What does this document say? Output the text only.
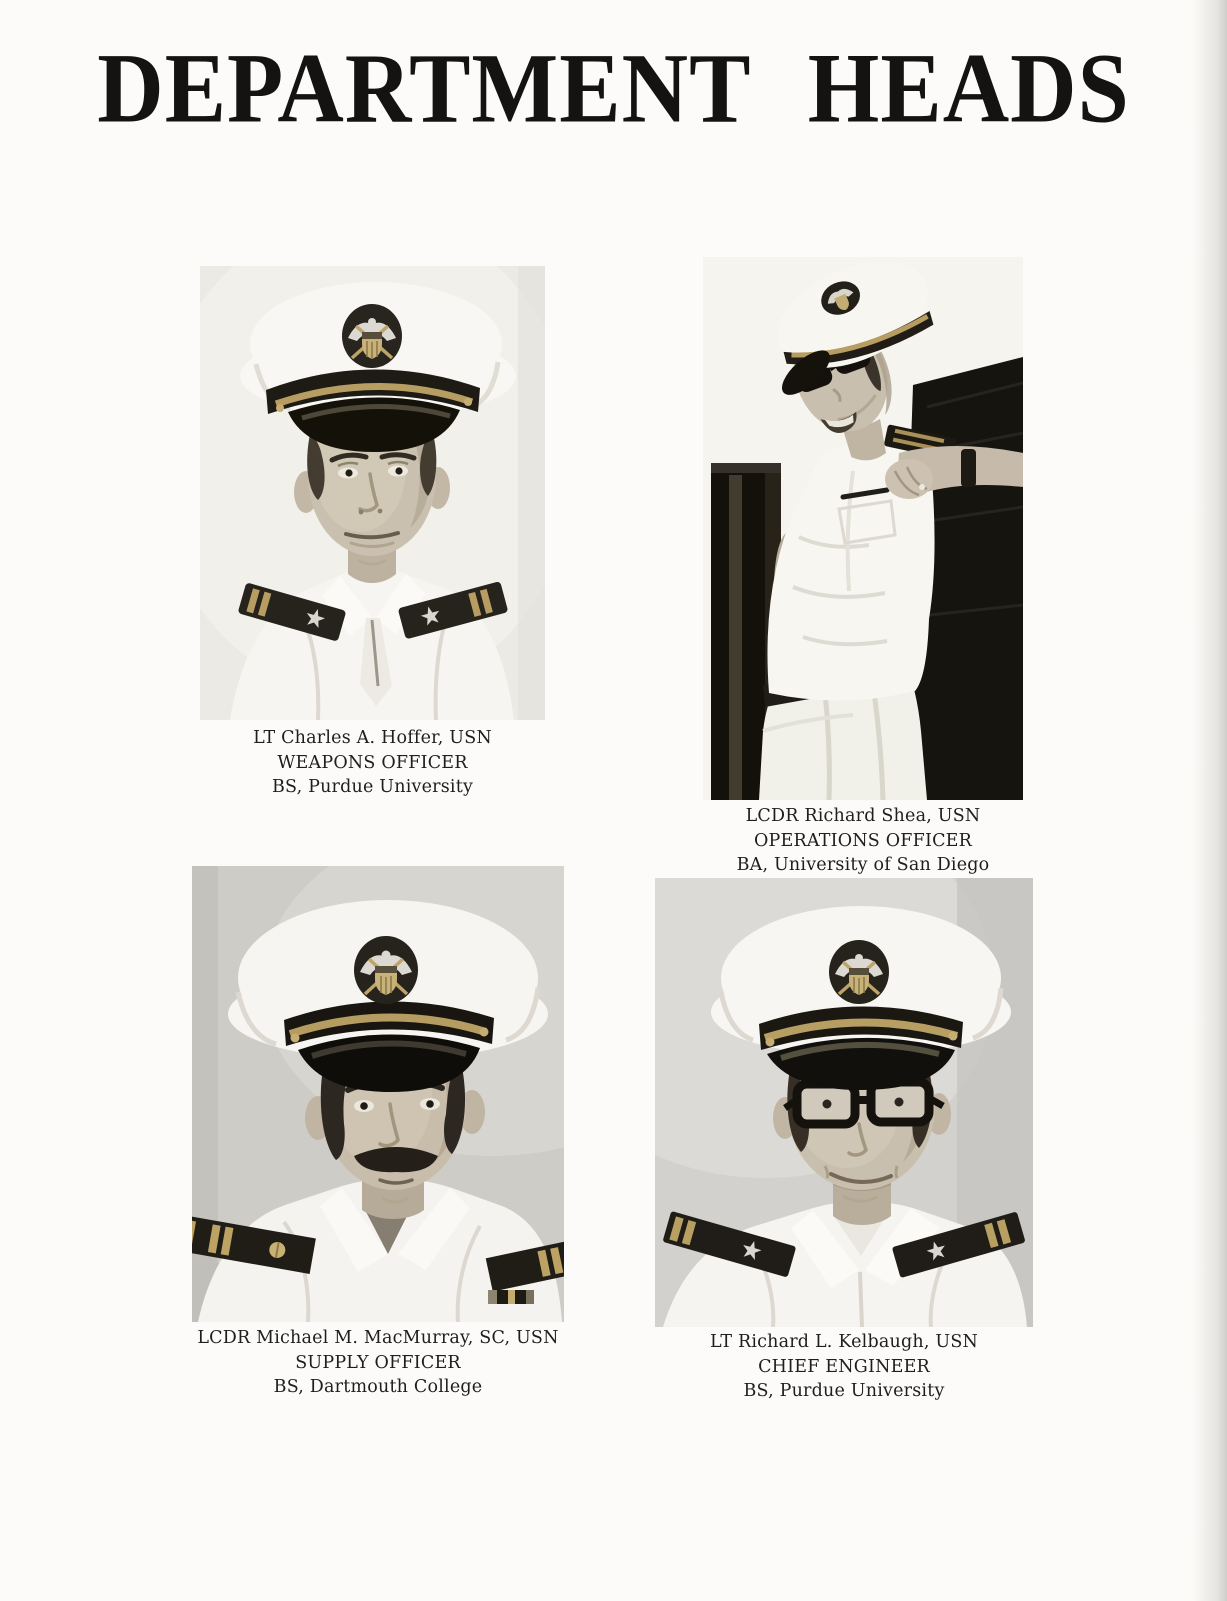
DEPARTMENT HEADS
LT Charles A. Hoffer, USN
WEAPONS OFFICER
BS, Purdue University
LCDR Richard Shea, USN
OPERATIONS OFFICER
BA, University of San Diego
LCDR Michael M. MacMurray, SC, USN
SUPPLY OFFICER
BS, Dartmouth College
LT Richard L. Kelbaugh, USN
CHIEF ENGINEER
BS, Purdue University
